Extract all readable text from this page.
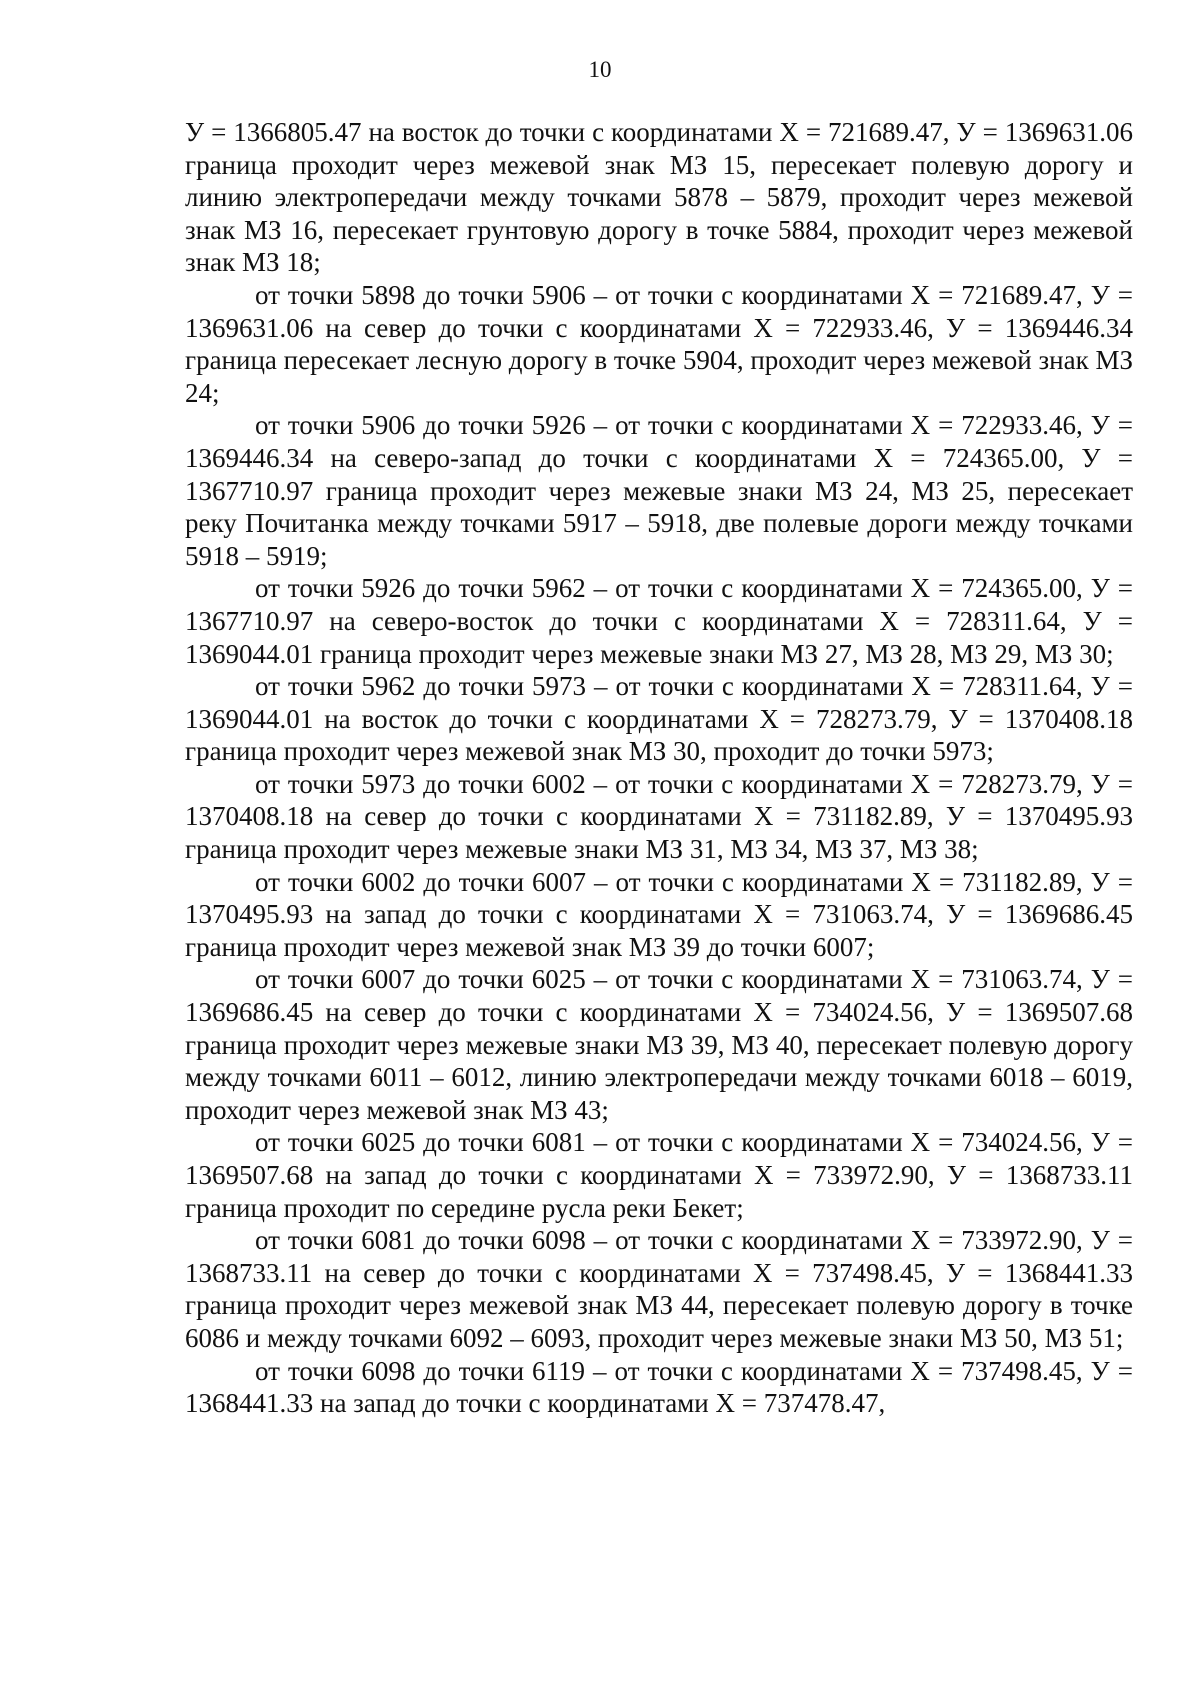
10

У = 1366805.47 на восток до точки с координатами Х = 721689.47, У = 1369631.06 граница проходит через межевой знак МЗ 15, пересекает полевую дорогу и линию электропередачи между точками 5878 – 5879, проходит через межевой знак МЗ 16, пересекает грунтовую дорогу в точке 5884, проходит через межевой знак МЗ 18;

от точки 5898 до точки 5906 – от точки с координатами Х = 721689.47, У = 1369631.06 на север до точки с координатами Х = 722933.46, У = 1369446.34 граница пересекает лесную дорогу в точке 5904, проходит через межевой знак МЗ 24;

от точки 5906 до точки 5926 – от точки с координатами Х = 722933.46, У = 1369446.34 на северо-запад до точки с координатами Х = 724365.00, У = 1367710.97 граница проходит через межевые знаки МЗ 24, МЗ 25, пересекает реку Почитанка между точками 5917 – 5918, две полевые дороги между точками 5918 – 5919;

от точки 5926 до точки 5962 – от точки с координатами Х = 724365.00, У = 1367710.97 на северо-восток до точки с координатами Х = 728311.64, У = 1369044.01 граница проходит через межевые знаки МЗ 27, МЗ 28, МЗ 29, МЗ 30;

от точки 5962 до точки 5973 – от точки с координатами Х = 728311.64, У = 1369044.01 на восток до точки с координатами Х = 728273.79, У = 1370408.18 граница проходит через межевой знак МЗ 30, проходит до точки 5973;

от точки 5973 до точки 6002 – от точки с координатами Х = 728273.79, У = 1370408.18 на север до точки с координатами Х = 731182.89, У = 1370495.93 граница проходит через межевые знаки МЗ 31, МЗ 34, МЗ 37, МЗ 38;

от точки 6002 до точки 6007 – от точки с координатами Х = 731182.89, У = 1370495.93 на запад до точки с координатами Х = 731063.74, У = 1369686.45 граница проходит через межевой знак МЗ 39 до точки 6007;

от точки 6007 до точки 6025 – от точки с координатами Х = 731063.74, У = 1369686.45 на север до точки с координатами Х = 734024.56, У = 1369507.68 граница проходит через межевые знаки МЗ 39, МЗ 40, пересекает полевую дорогу между точками 6011 – 6012, линию электропередачи между точками 6018 – 6019, проходит через межевой знак МЗ 43;

от точки 6025 до точки 6081 – от точки с координатами Х = 734024.56, У = 1369507.68 на запад до точки с координатами Х = 733972.90, У = 1368733.11 граница проходит по середине русла реки Бекет;

от точки 6081 до точки 6098 – от точки с координатами Х = 733972.90, У = 1368733.11 на север до точки с координатами Х = 737498.45, У = 1368441.33 граница проходит через межевой знак МЗ 44, пересекает полевую дорогу в точке 6086 и между точками 6092 – 6093, проходит через межевые знаки МЗ 50, МЗ 51;

от точки 6098 до точки 6119 – от точки с координатами Х = 737498.45, У = 1368441.33 на запад до точки с координатами Х = 737478.47,
